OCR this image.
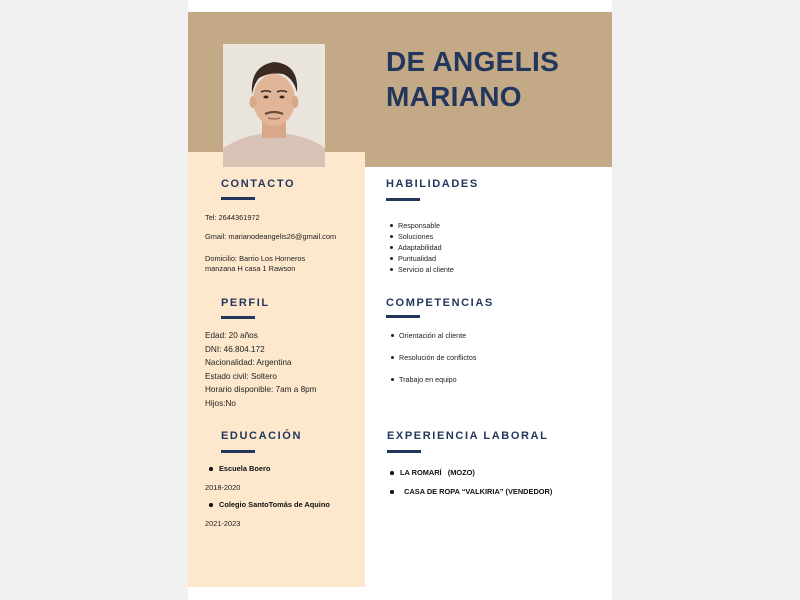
DE ANGELIS
MARIANO
CONTACTO
Tel: 2644361972
Gmail: marianodeangelis26@gmail.com
Domicilio: Barrio Los Horneros
manzana H casa 1 Rawson
PERFIL
Edad: 20 años
DNI: 46.804.172
Nacionalidad: Argentina
Estado civil: Soltero
Horario disponible: 7am a 8pm
Hijos:No
EDUCACIÓN
Escuela Boero
2018-2020
Colegio SantoTomás de Aquino
2021-2023
HABILIDADES
Responsable
Soluciones
Adaptabilidad
Puntualidad
Servicio al cliente
COMPETENCIAS
Orientación al cliente
Resolución de conflictos
Trabajo en equipo
EXPERIENCIA LABORAL
LA ROMARÍ   (MOZO)
CASA DE ROPA “VALKIRIA” (VENDEDOR)
